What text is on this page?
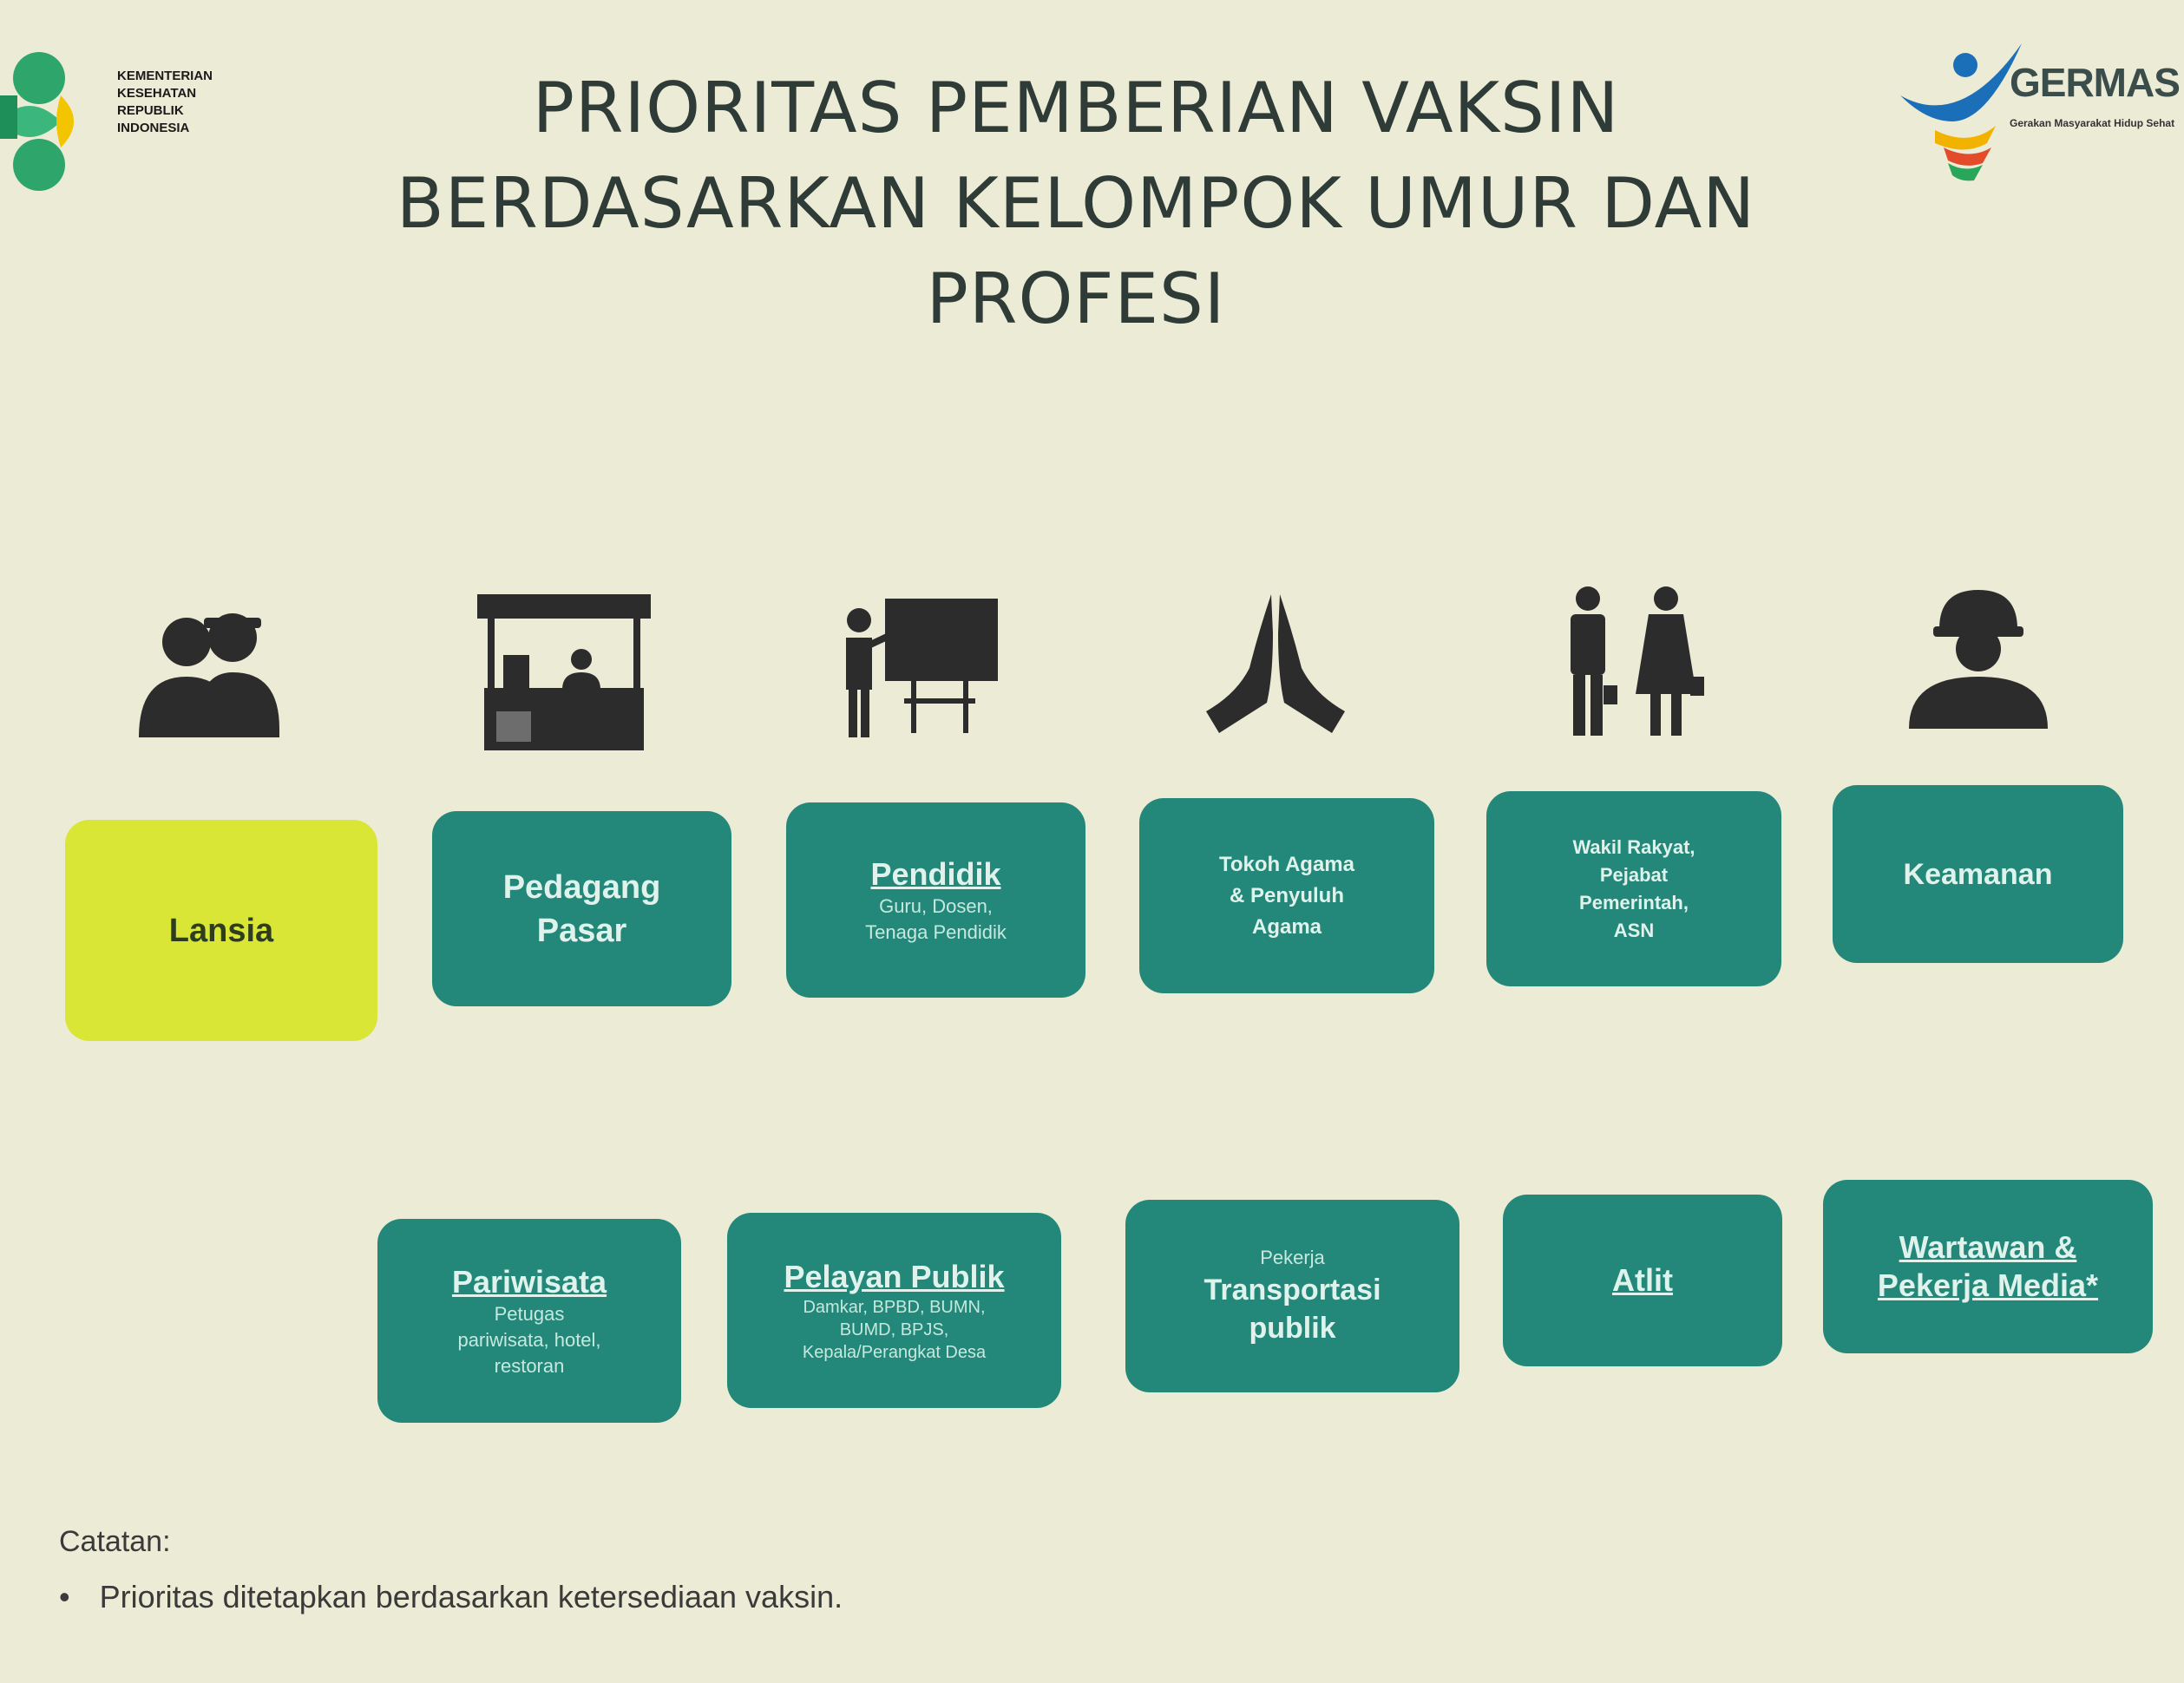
KEMENTERIAN
KESEHATAN
REPUBLIK
INDONESIA
GERMAS
Gerakan Masyarakat Hidup Sehat
PRIORITAS PEMBERIAN VAKSIN
BERDASARKAN KELOMPOK UMUR DAN
PROFESI
Lansia
Pedagang
Pasar
Pendidik
Guru, Dosen,
Tenaga Pendidik
Tokoh Agama
& Penyuluh
Agama
Wakil Rakyat,
Pejabat
Pemerintah,
ASN
Keamanan
Pariwisata
Petugas
pariwisata, hotel,
restoran
Pelayan Publik
Damkar, BPBD, BUMN,
BUMD, BPJS,
Kepala/Perangkat Desa
Pekerja
Transportasi
publik
Atlit
Wartawan &
Pekerja Media*
Catatan:
• Prioritas ditetapkan berdasarkan ketersediaan vaksin.
